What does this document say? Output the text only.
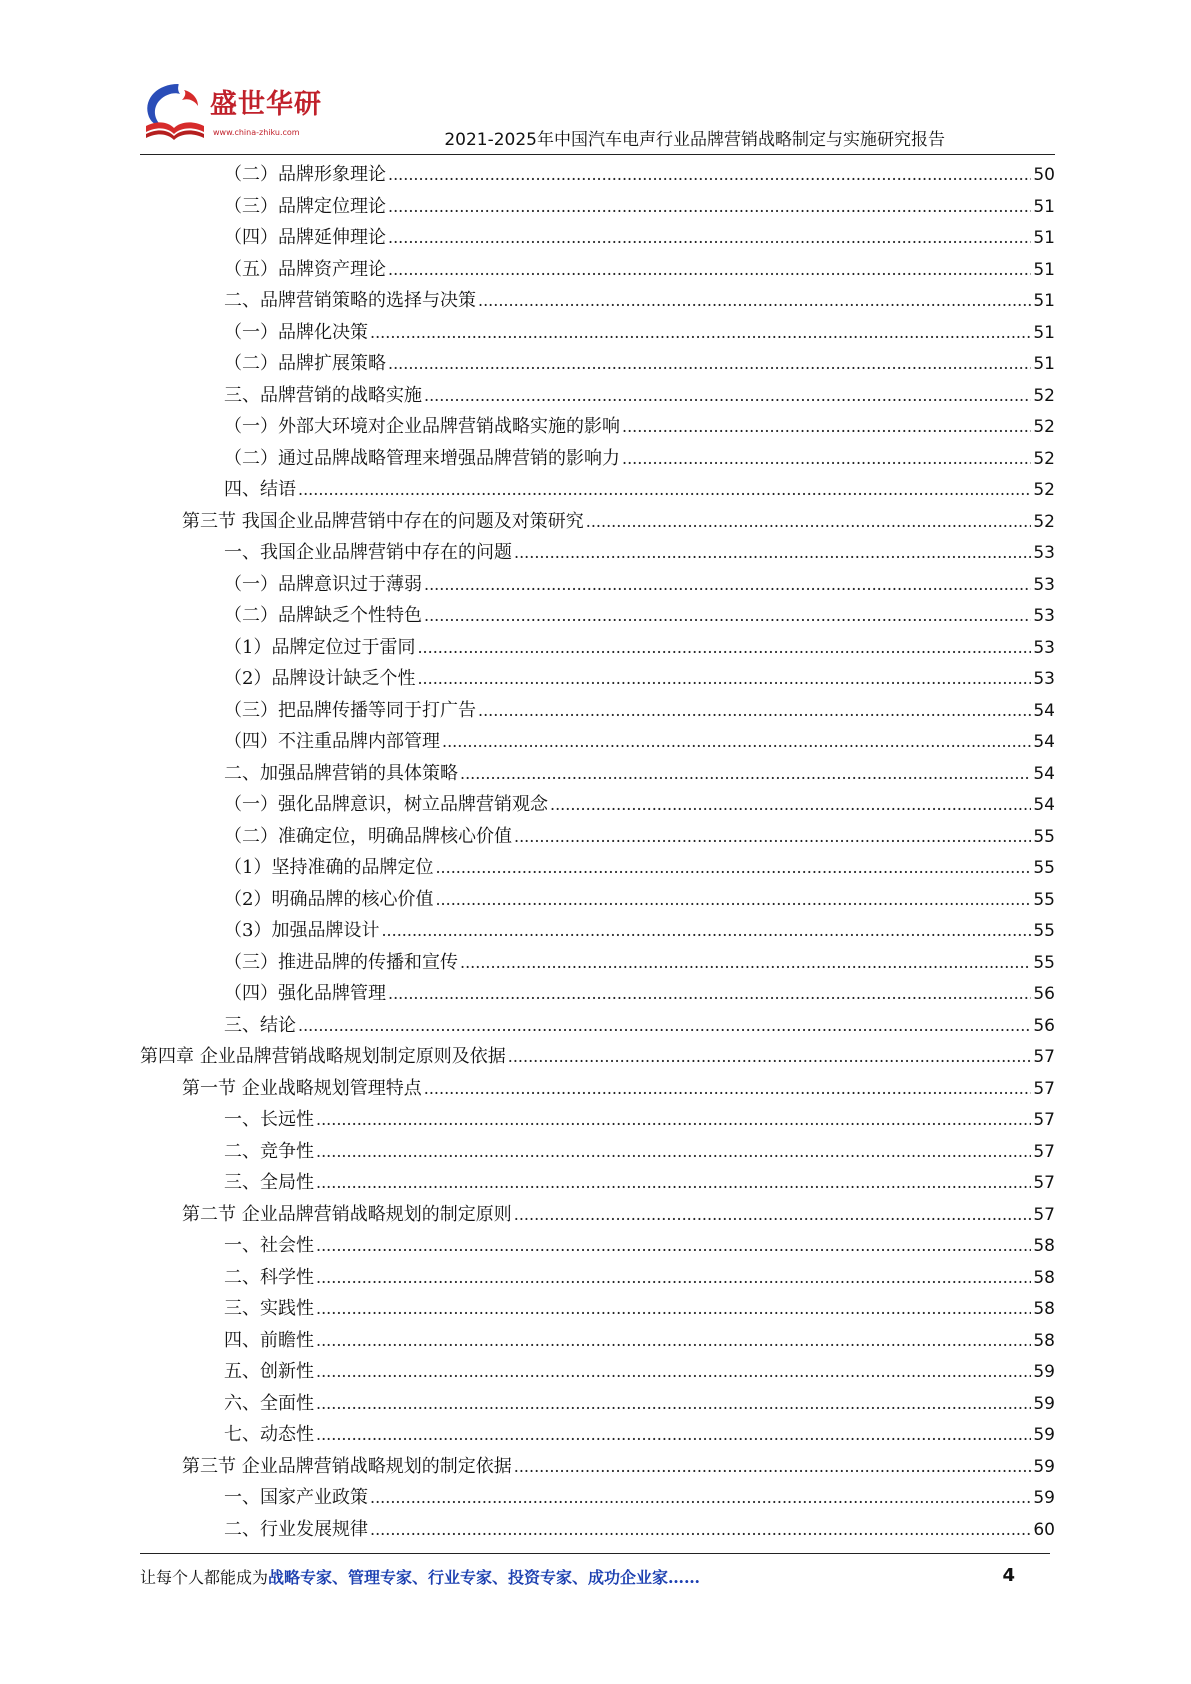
盛世华研
www.china-zhiku.com	2021-2025年中国汽车电声行业品牌营销战略制定与实施研究报告
（二）品牌形象理论 .....	50
（三）品牌定位理论 .....	51
（四）品牌延伸理论 .....	51
（五）品牌资产理论 .....	51
二、品牌营销策略的选择与决策 .....	51
（一）品牌化决策 .....	51
（二）品牌扩展策略 .....	51
三、品牌营销的战略实施 .....	52
（一）外部大环境对企业品牌营销战略实施的影响 .....	52
（二）通过品牌战略管理来增强品牌营销的影响力 .....	52
四、结语 .....	52
第三节 我国企业品牌营销中存在的问题及对策研究 .....	52
一、我国企业品牌营销中存在的问题 .....	53
（一）品牌意识过于薄弱 .....	53
（二）品牌缺乏个性特色 .....	53
（1）品牌定位过于雷同 .....	53
（2）品牌设计缺乏个性 .....	53
（三）把品牌传播等同于打广告 .....	54
（四）不注重品牌内部管理 .....	54
二、加强品牌营销的具体策略 .....	54
（一）强化品牌意识，树立品牌营销观念 .....	54
（二）准确定位，明确品牌核心价值 .....	55
（1）坚持准确的品牌定位 .....	55
（2）明确品牌的核心价值 .....	55
（3）加强品牌设计 .....	55
（三）推进品牌的传播和宣传 .....	55
（四）强化品牌管理 .....	56
三、结论 .....	56
第四章 企业品牌营销战略规划制定原则及依据 .....	57
第一节 企业战略规划管理特点 .....	57
一、长远性 .....	57
二、竞争性 .....	57
三、全局性 .....	57
第二节 企业品牌营销战略规划的制定原则 .....	57
一、社会性 .....	58
二、科学性 .....	58
三、实践性 .....	58
四、前瞻性 .....	58
五、创新性 .....	59
六、全面性 .....	59
七、动态性 .....	59
第三节 企业品牌营销战略规划的制定依据 .....	59
一、国家产业政策 .....	59
二、行业发展规律 .....	60
让每个人都能成为战略专家、管理专家、行业专家、投资专家、成功企业家……	4
